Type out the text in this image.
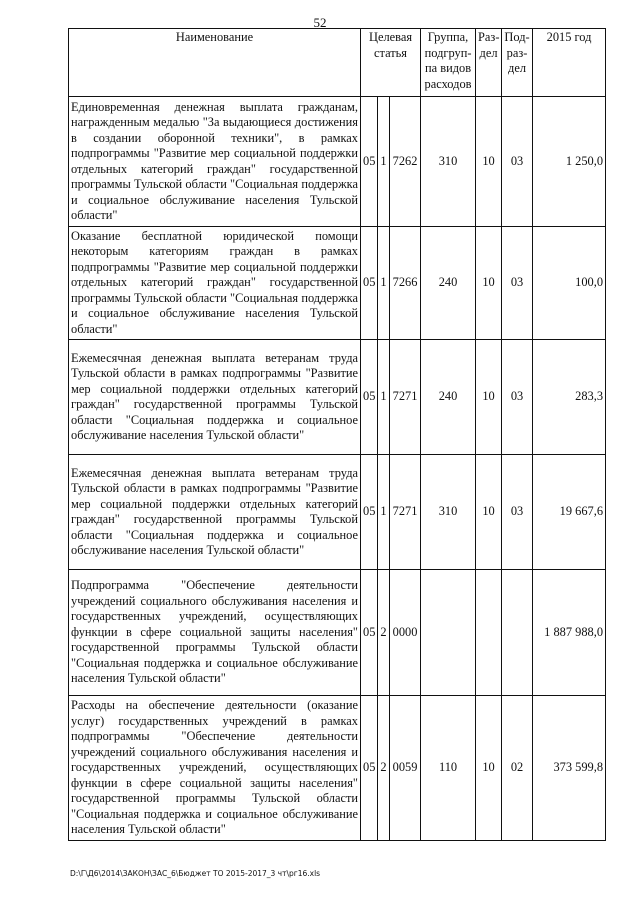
52
Наименование	Целевая статья			Группа, подгруп-па видов расходов	Раз-дел	Под-раз-дел	2015 год
Единовременная денежная выплата гражданам, награжденным медалью "За выдающиеся достижения в создании оборонной техники", в рамках подпрограммы "Развитие мер социальной поддержки отдельных категорий граждан" государственной программы Тульской области "Социальная поддержка и социальное обслуживание населения Тульской области"	05	1	7262	310	10	03	1 250,0
Оказание бесплатной юридической помощи некоторым категориям граждан в рамках подпрограммы "Развитие мер социальной поддержки отдельных категорий граждан" государственной программы Тульской области "Социальная поддержка и социальное обслуживание населения Тульской области"	05	1	7266	240	10	03	100,0
Ежемесячная денежная выплата ветеранам труда Тульской области в рамках подпрограммы "Развитие мер социальной поддержки отдельных категорий граждан" государственной программы Тульской области "Социальная поддержка и социальное обслуживание населения Тульской области"	05	1	7271	240	10	03	283,3
Ежемесячная денежная выплата ветеранам труда Тульской области в рамках подпрограммы "Развитие мер социальной поддержки отдельных категорий граждан" государственной программы Тульской области "Социальная поддержка и социальное обслуживание населения Тульской области"	05	1	7271	310	10	03	19 667,6
Подпрограмма "Обеспечение деятельности учреждений социального обслуживания населения и государственных учреждений, осуществляющих функции в сфере социальной защиты населения" государственной программы Тульской области "Социальная поддержка и социальное обслуживание населения Тульской области"	05	2	0000				1 887 988,0
Расходы на обеспечение деятельности (оказание услуг) государственных учреждений в рамках подпрограммы "Обеспечение деятельности учреждений социального обслуживания населения и государственных учреждений, осуществляющих функции в сфере социальной защиты населения" государственной программы Тульской области "Социальная поддержка и социальное обслуживание населения Тульской области"	05	2	0059	110	10	02	373 599,8
D:\Г\Д6\2014\ЗАКОН\ЗАС_6\Бюджет ТО 2015-2017_3 чт\рг16.xls
